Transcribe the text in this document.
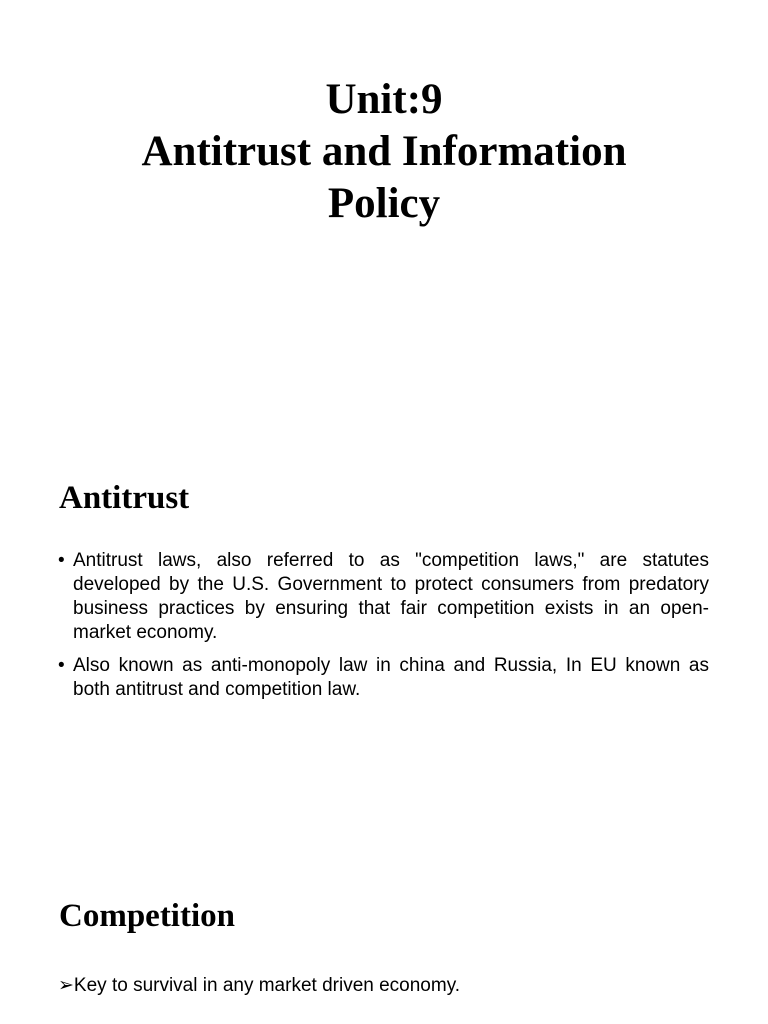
Unit:9
Antitrust and Information
Policy
Antitrust
• Antitrust laws, also referred to as "competition laws," are statutes developed by the U.S. Government to protect consumers from predatory business practices by ensuring that fair competition exists in an open-market economy.
• Also known as anti-monopoly law in china and Russia, In EU known as both antitrust and competition law.
Competition
➢Key to survival in any market driven economy.
